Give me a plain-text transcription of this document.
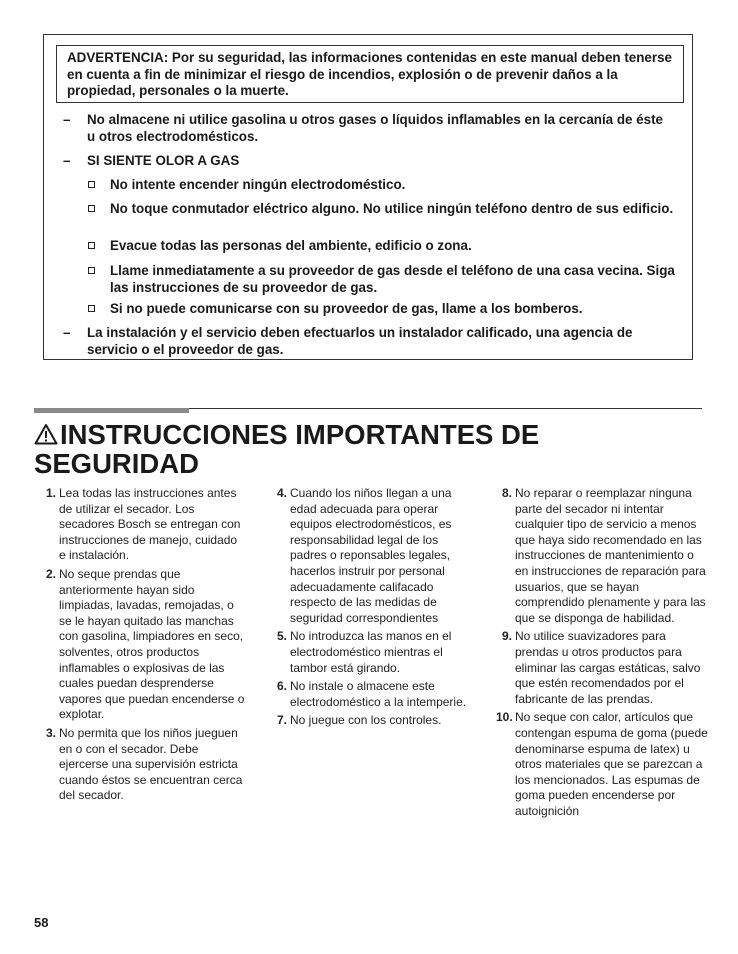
ADVERTENCIA: Por su seguridad, las informaciones contenidas en este manual deben tenerse en cuenta a fin de minimizar el riesgo de incendios, explosión o de prevenir daños a la propiedad, personales o la muerte.
–	No almacene ni utilice gasolina u otros gases o líquidos inflamables en la cercanía de éste u otros electrodomésticos.
–	SI SIENTE OLOR A GAS
No intente encender ningún electrodoméstico.
No toque conmutador eléctrico alguno. No utilice ningún teléfono dentro de sus edificio.
Evacue todas las personas del ambiente, edificio o zona.
Llame inmediatamente a su proveedor de gas desde el teléfono de una casa vecina. Siga las instrucciones de su proveedor de gas.
Si no puede comunicarse con su proveedor de gas, llame a los bomberos.
–	La instalación y el servicio deben efectuarlos un instalador calificado, una agencia de servicio o el proveedor de gas.
INSTRUCCIONES IMPORTANTES DE
SEGURIDAD
1. Lea todas las instrucciones antes de utilizar el secador. Los secadores Bosch se entregan con instrucciones de manejo, cuidado e instalación.
2. No seque prendas que anteriormente hayan sido limpiadas, lavadas, remojadas, o se le hayan quitado las manchas con gasolina, limpiadores en seco, solventes, otros productos inflamables o explosivas de las cuales puedan desprenderse vapores que puedan encenderse o explotar.
3. No permita que los niños jueguen en o con el secador. Debe ejercerse una supervisión estricta cuando éstos se encuentran cerca del secador.
4. Cuando los niños llegan a una edad adecuada para operar equipos electrodomésticos, es responsabilidad legal de los padres o reponsables legales, hacerlos instruir por personal adecuadamente califacado respecto de las medidas de seguridad correspondientes
5. No introduzca las manos en el electrodoméstico mientras el tambor está girando.
6. No instale o almacene este electrodoméstico a la intemperie.
7. No juegue con los controles.
8. No reparar o reemplazar ninguna parte del secador ni intentar cualquier tipo de servicio a menos que haya sido recomendado en las instrucciones de mantenimiento o en instrucciones de reparación para usuarios, que se hayan comprendido plenamente y para las que se disponga de habilidad.
9. No utilice suavizadores para prendas u otros productos para eliminar las cargas estáticas, salvo que estén recomendados por el fabricante de las prendas.
10. No seque con calor, artículos que contengan espuma de goma (puede denominarse espuma de latex) u otros materiales que se parezcan a los mencionados. Las espumas de goma pueden encenderse por autoignición
58
